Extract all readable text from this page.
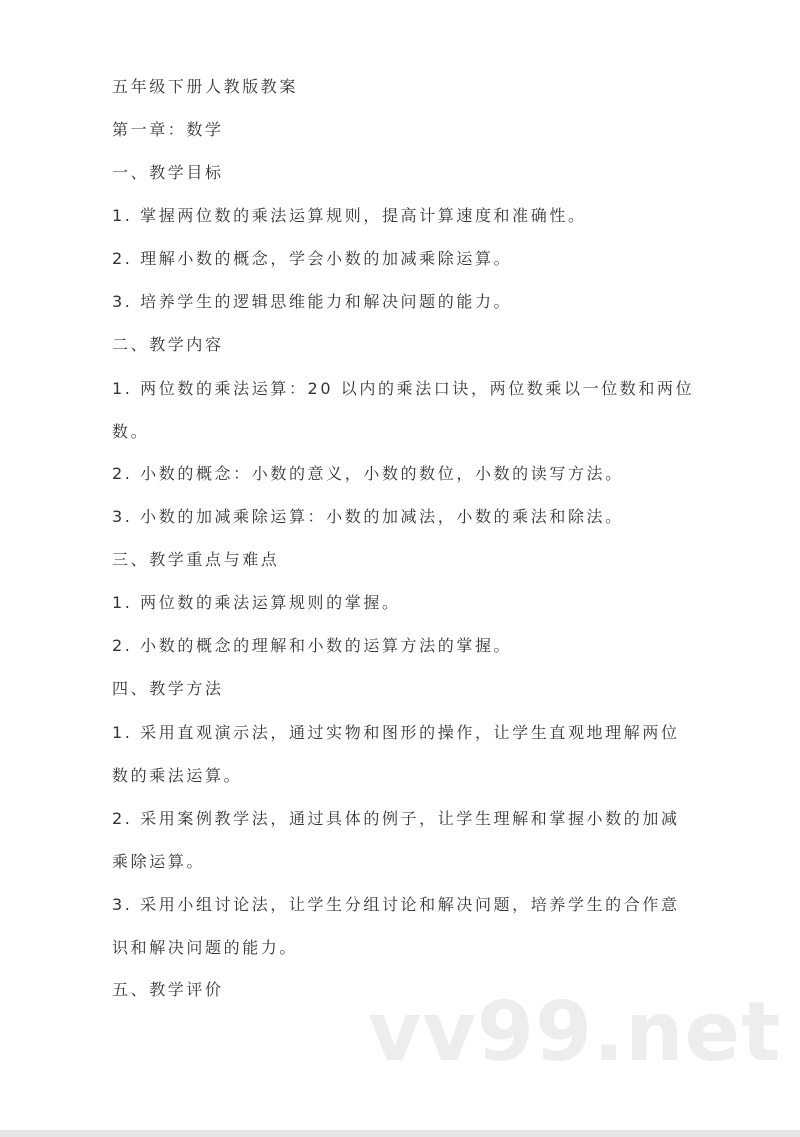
五年级下册人教版教案
第一章：数学
一、教学目标
1. 掌握两位数的乘法运算规则，提高计算速度和准确性。
2. 理解小数的概念，学会小数的加减乘除运算。
3. 培养学生的逻辑思维能力和解决问题的能力。
二、教学内容
1. 两位数的乘法运算：20 以内的乘法口诀，两位数乘以一位数和两位数。
2. 小数的概念：小数的意义，小数的数位，小数的读写方法。
3. 小数的加减乘除运算：小数的加减法，小数的乘法和除法。
三、教学重点与难点
1. 两位数的乘法运算规则的掌握。
2. 小数的概念的理解和小数的运算方法的掌握。
四、教学方法
1. 采用直观演示法，通过实物和图形的操作，让学生直观地理解两位数的乘法运算。
2. 采用案例教学法，通过具体的例子，让学生理解和掌握小数的加减乘除运算。
3. 采用小组讨论法，让学生分组讨论和解决问题，培养学生的合作意识和解决问题的能力。
五、教学评价	vv99.net
